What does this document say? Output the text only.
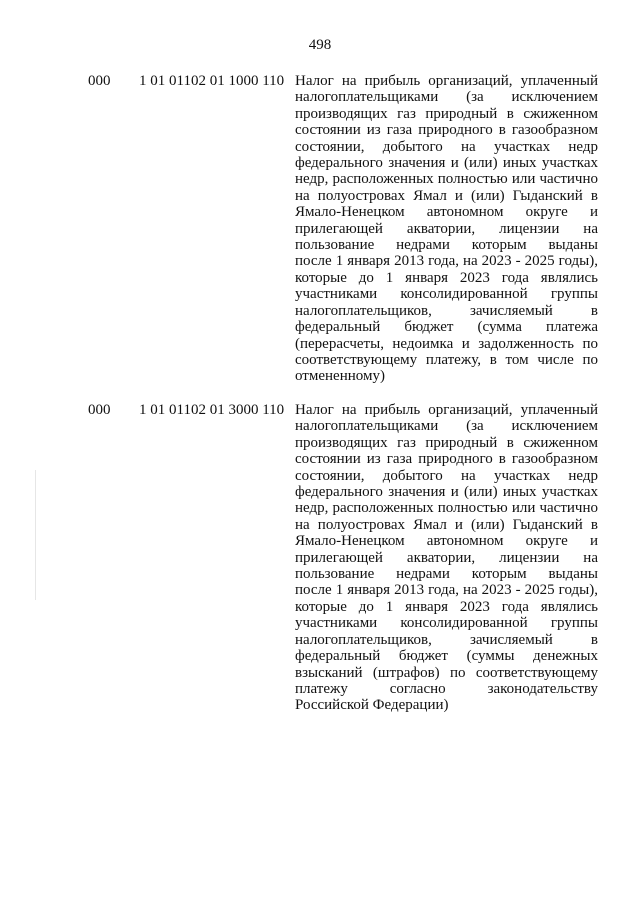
498
000 1 01 01102 01 1000 110 Налог на прибыль организаций, уплаченный
налогоплательщиками (за исключением
производящих газ природный в сжиженном
состоянии из газа природного в газообразном
состоянии, добытого на участках недр
федерального значения и (или) иных участках
недр, расположенных полностью или частично
на полуостровах Ямал и (или) Гыданский в
Ямало-Ненецком автономном округе и
прилегающей акватории, лицензии на
пользование недрами которым выданы
после 1 января 2013 года, на 2023 - 2025 годы),
которые до 1 января 2023 года являлись
участниками консолидированной группы
налогоплательщиков, зачисляемый в
федеральный бюджет (сумма платежа
(перерасчеты, недоимка и задолженность по
соответствующему платежу, в том числе по
отмененному)
000 1 01 01102 01 3000 110 Налог на прибыль организаций, уплаченный
налогоплательщиками (за исключением
производящих газ природный в сжиженном
состоянии из газа природного в газообразном
состоянии, добытого на участках недр
федерального значения и (или) иных участках
недр, расположенных полностью или частично
на полуостровах Ямал и (или) Гыданский в
Ямало-Ненецком автономном округе и
прилегающей акватории, лицензии на
пользование недрами которым выданы
после 1 января 2013 года, на 2023 - 2025 годы),
которые до 1 января 2023 года являлись
участниками консолидированной группы
налогоплательщиков, зачисляемый в
федеральный бюджет (суммы денежных
взысканий (штрафов) по соответствующему
платежу согласно законодательству
Российской Федерации)
